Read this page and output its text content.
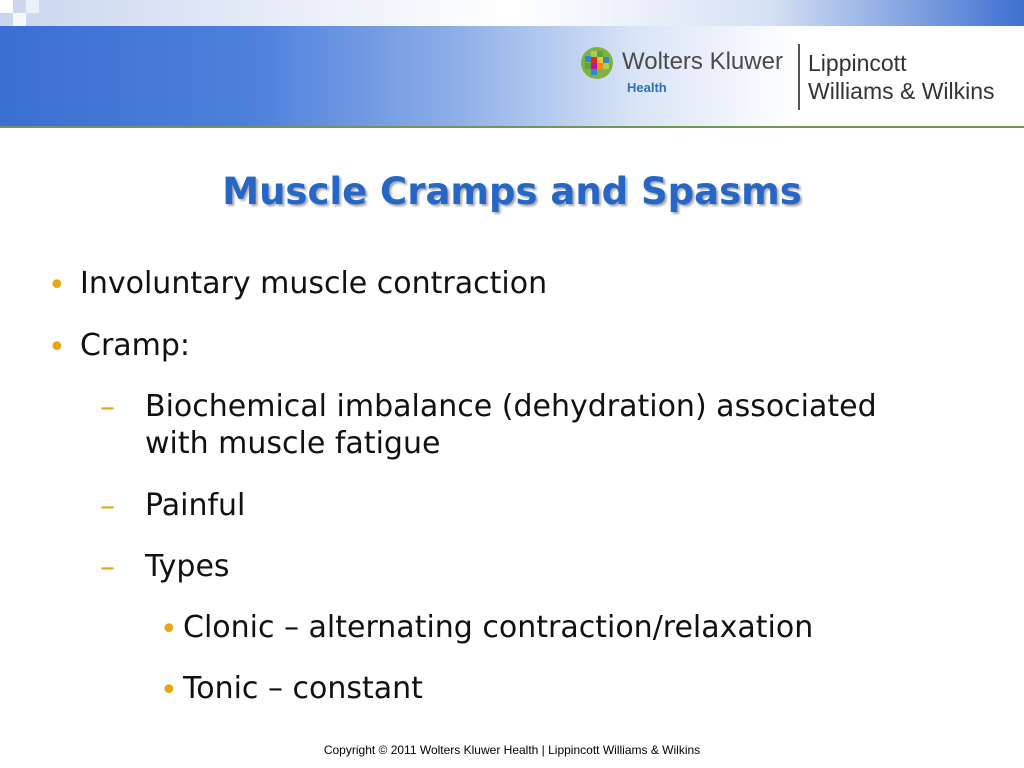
Wolters Kluwer
Health
Lippincott
Williams & Wilkins
Muscle Cramps and Spasms
• Involuntary muscle contraction
• Cramp:
– Biochemical imbalance (dehydration) associated
with muscle fatigue
– Painful
– Types
• Clonic – alternating contraction/relaxation
• Tonic – constant
Copyright © 2011 Wolters Kluwer Health | Lippincott Williams & Wilkins
